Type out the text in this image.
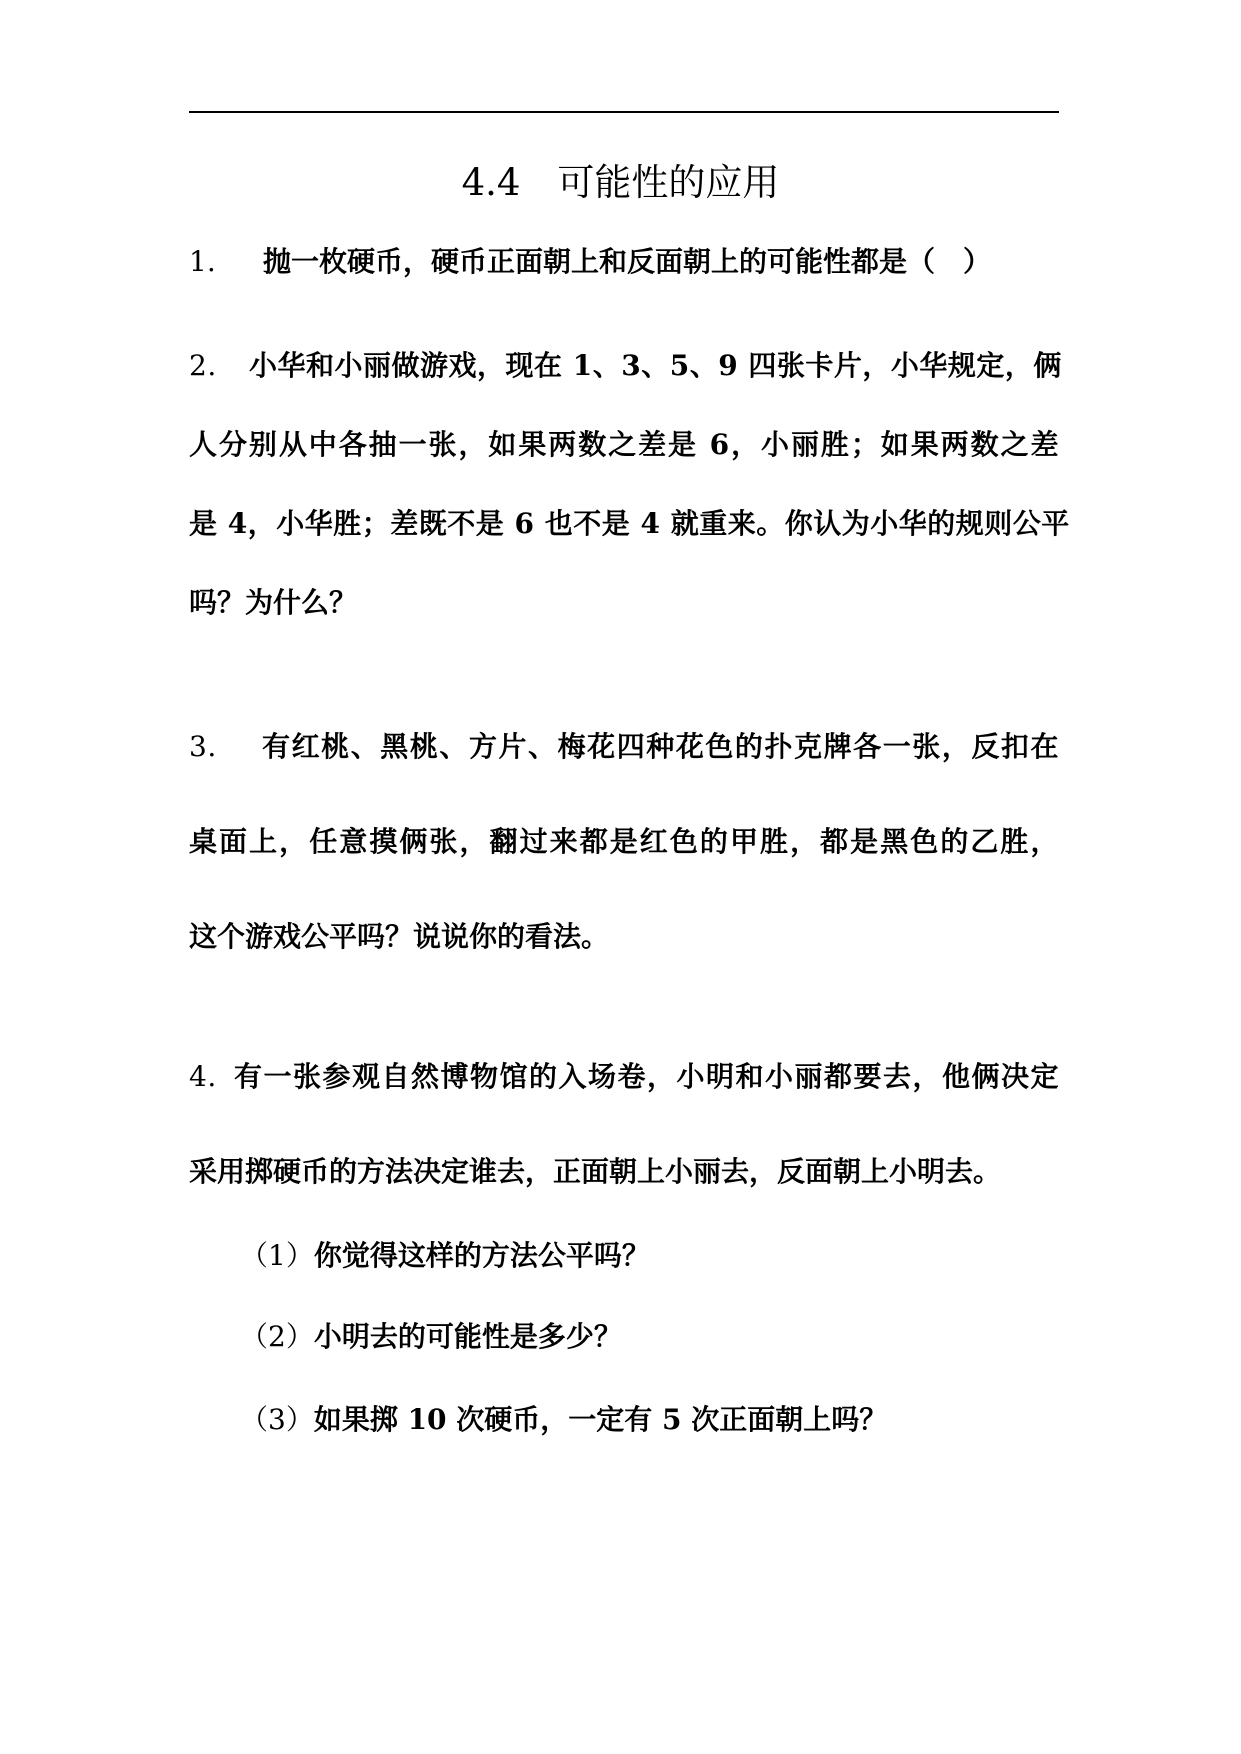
4.4　可能性的应用
1. 抛一枚硬币，硬币正面朝上和反面朝上的可能性都是（　）
2. 小华和小丽做游戏，现在 1、3、5、9 四张卡片，小华规定，俩
人分别从中各抽一张，如果两数之差是 6，小丽胜；如果两数之差
是 4，小华胜；差既不是 6 也不是 4 就重来。你认为小华的规则公平
吗？为什么？
3. 有红桃、黑桃、方片、梅花四种花色的扑克牌各一张，反扣在
桌面上，任意摸俩张，翻过来都是红色的甲胜，都是黑色的乙胜，
这个游戏公平吗？说说你的看法。
4. 有一张参观自然博物馆的入场卷，小明和小丽都要去，他俩决定
采用掷硬币的方法决定谁去，正面朝上小丽去，反面朝上小明去。
（1）你觉得这样的方法公平吗？
（2）小明去的可能性是多少？
（3）如果掷 10 次硬币，一定有 5 次正面朝上吗？
